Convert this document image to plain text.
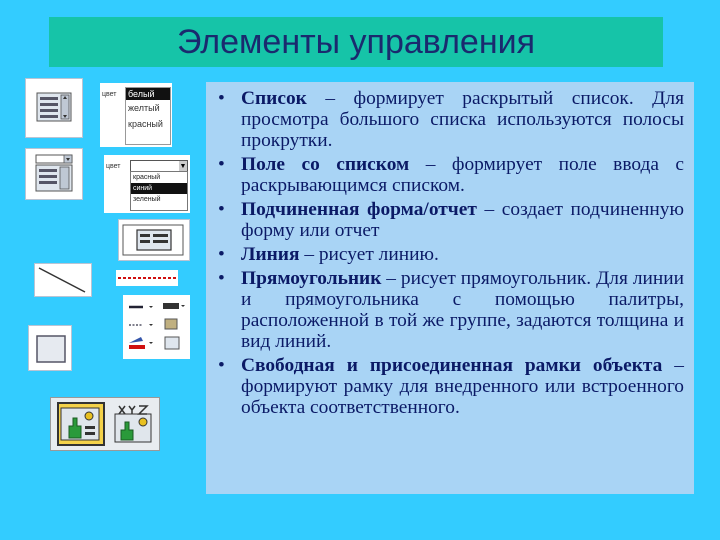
Элементы управления
цвет белый
желтый
красный
цвет	▼
красный
синий
зеленый
• Список – формирует раскрытый список. Для просмотра большого списка используются полосы прокрутки.
• Поле со списком – формирует поле ввода с раскрывающимся списком.
• Подчиненная форма/отчет – создает подчиненную форму или отчет
• Линия – рисует линию.
• Прямоугольник – рисует прямоугольник. Для линии и прямоугольника с помощью палитры, расположенной в той же группе, задаются толщина и вид линий.
• Свободная и присоединенная рамки объекта – формируют рамку для внедренного или встроенного объекта соответственного.
